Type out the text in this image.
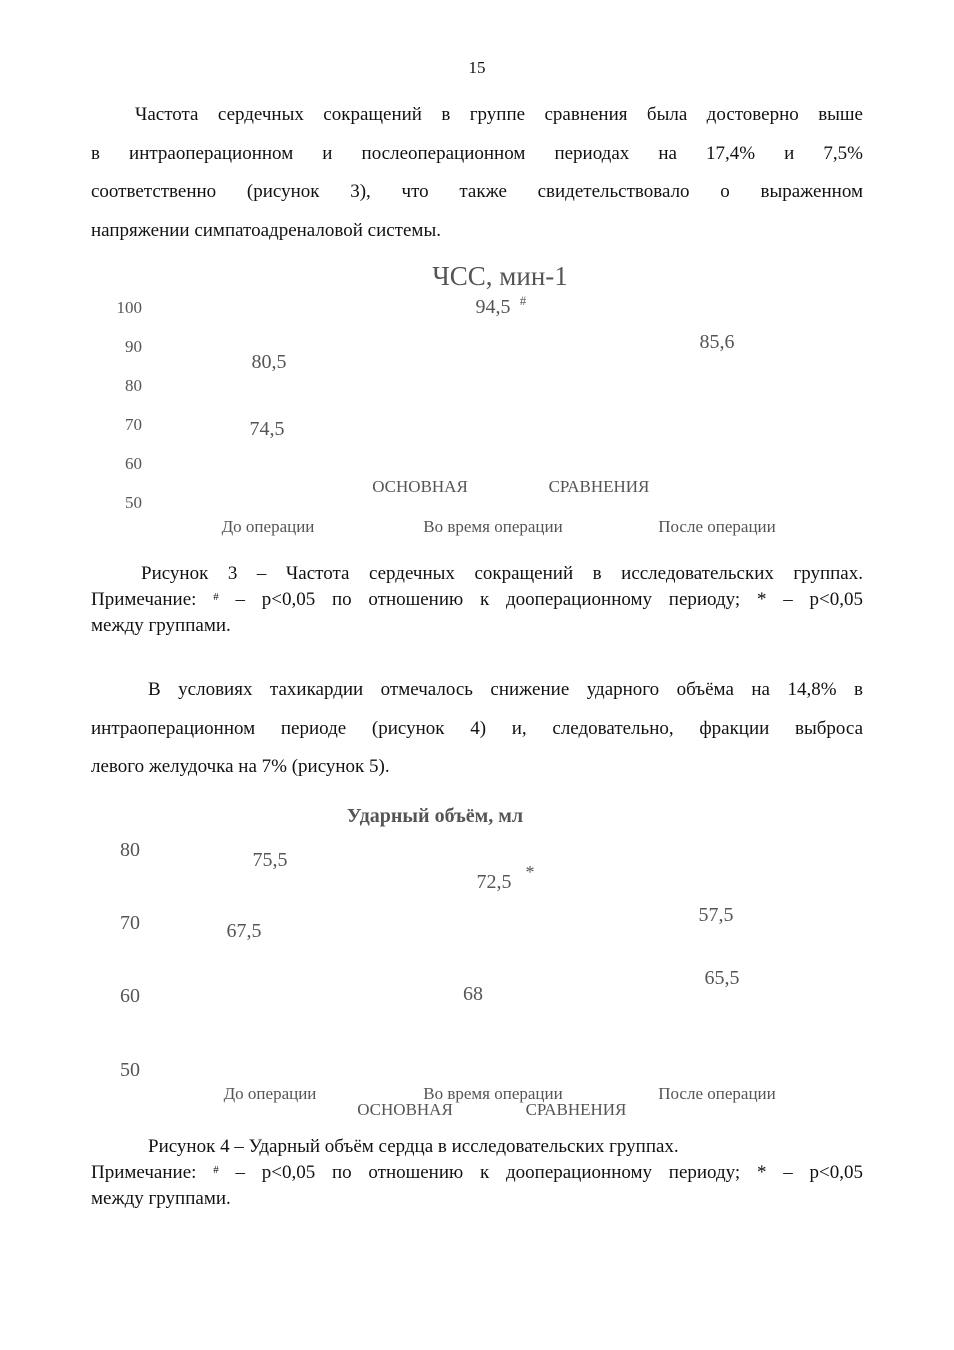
15
Частота сердечных сокращений в группе сравнения была достоверно выше
в интраоперационном и послеоперационном периодах на 17,4% и 7,5%
соответственно (рисунок 3), что также свидетельствовало о выраженном
напряжении симпатоадреналовой системы.
ЧСС, мин-1
100
90
80
70
60
50
До операции	Во время операции	После операции
ОСНОВНАЯ	СРАВНЕНИЯ
80,5
74,5
94,5 #
85,6
Рисунок 3 – Частота сердечных сокращений в исследовательских группах.
Примечание: # – p<0,05 по отношению к дооперационному периоду; * – p<0,05
между группами.
В условиях тахикардии отмечалось снижение ударного объёма на 14,8% в
интраоперационном периоде (рисунок 4) и, следовательно, фракции выброса
левого желудочка на 7% (рисунок 5).
Ударный объём, мл
80
70
60
50
До операции	Во время операции	После операции
ОСНОВНАЯ	СРАВНЕНИЯ
75,5
67,5
72,5 *
57,5
68
65,5
Рисунок 4 – Ударный объём сердца в исследовательских группах.
Примечание: # – p<0,05 по отношению к дооперационному периоду; * – p<0,05
между группами.
